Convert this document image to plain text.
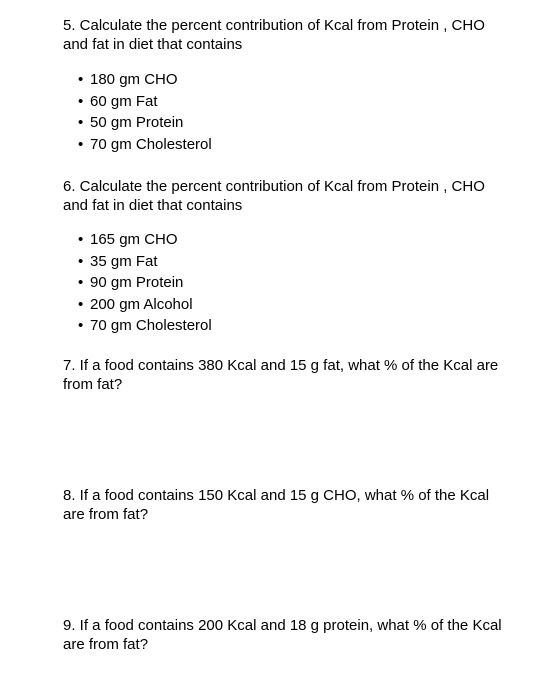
5. Calculate the percent contribution of Kcal from Protein , CHO and fat in diet that contains

•180 gm CHO
•60 gm Fat
•50 gm Protein
•70 gm Cholesterol

6. Calculate the percent contribution of Kcal from Protein , CHO and fat in diet that contains

•165 gm CHO
•35 gm Fat
•90 gm Protein
•200 gm Alcohol
•70 gm Cholesterol

7. If a food contains 380 Kcal and 15 g fat, what % of the Kcal are from fat?

8. If a food contains 150 Kcal and 15 g CHO, what % of the Kcal are from fat?

9. If a food contains 200 Kcal and 18 g protein, what % of the Kcal are from fat?
